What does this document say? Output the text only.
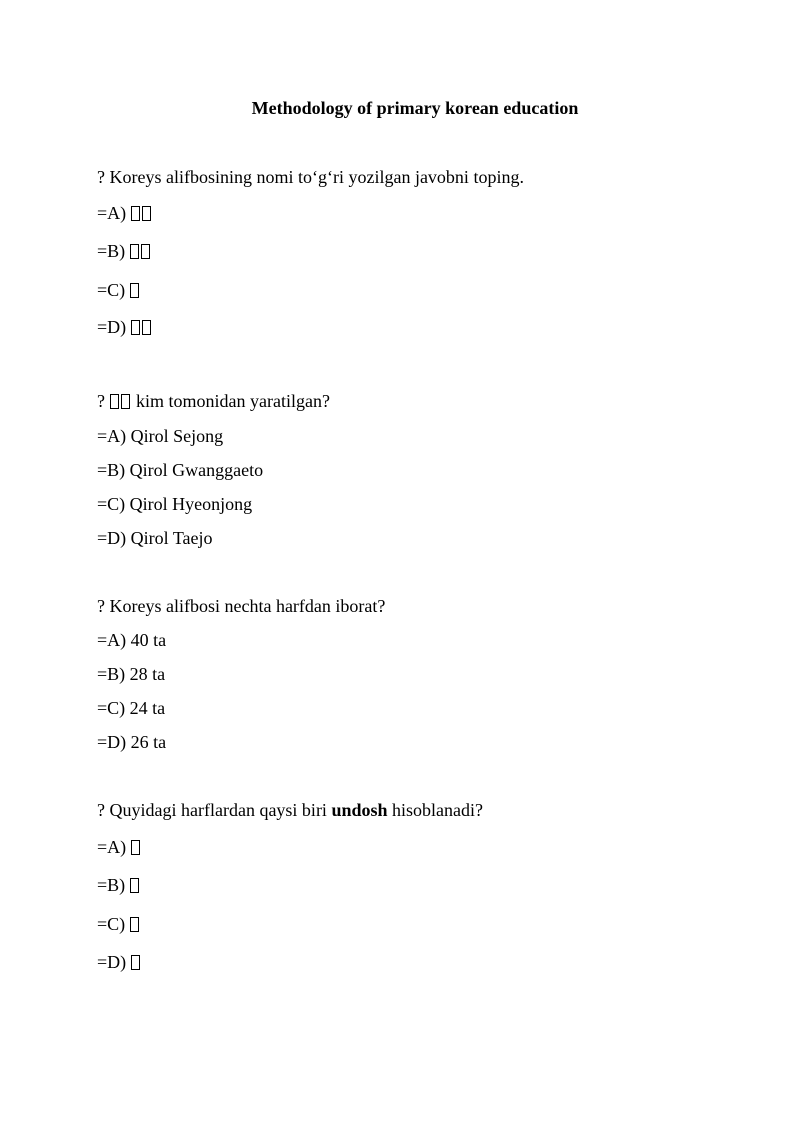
Methodology of primary korean education
? Koreys alifbosining nomi to‘g‘ri yozilgan javobni toping.
=A)
=B)
=C)
=D)
? kim tomonidan yaratilgan?
=A) Qirol Sejong
=B) Qirol Gwanggaeto
=C) Qirol Hyeonjong
=D) Qirol Taejo
? Koreys alifbosi nechta harfdan iborat?
=A) 40 ta
=B) 28 ta
=C) 24 ta
=D) 26 ta
? Quyidagi harflardan qaysi biri undosh hisoblanadi?
=A)
=B)
=C)
=D)
